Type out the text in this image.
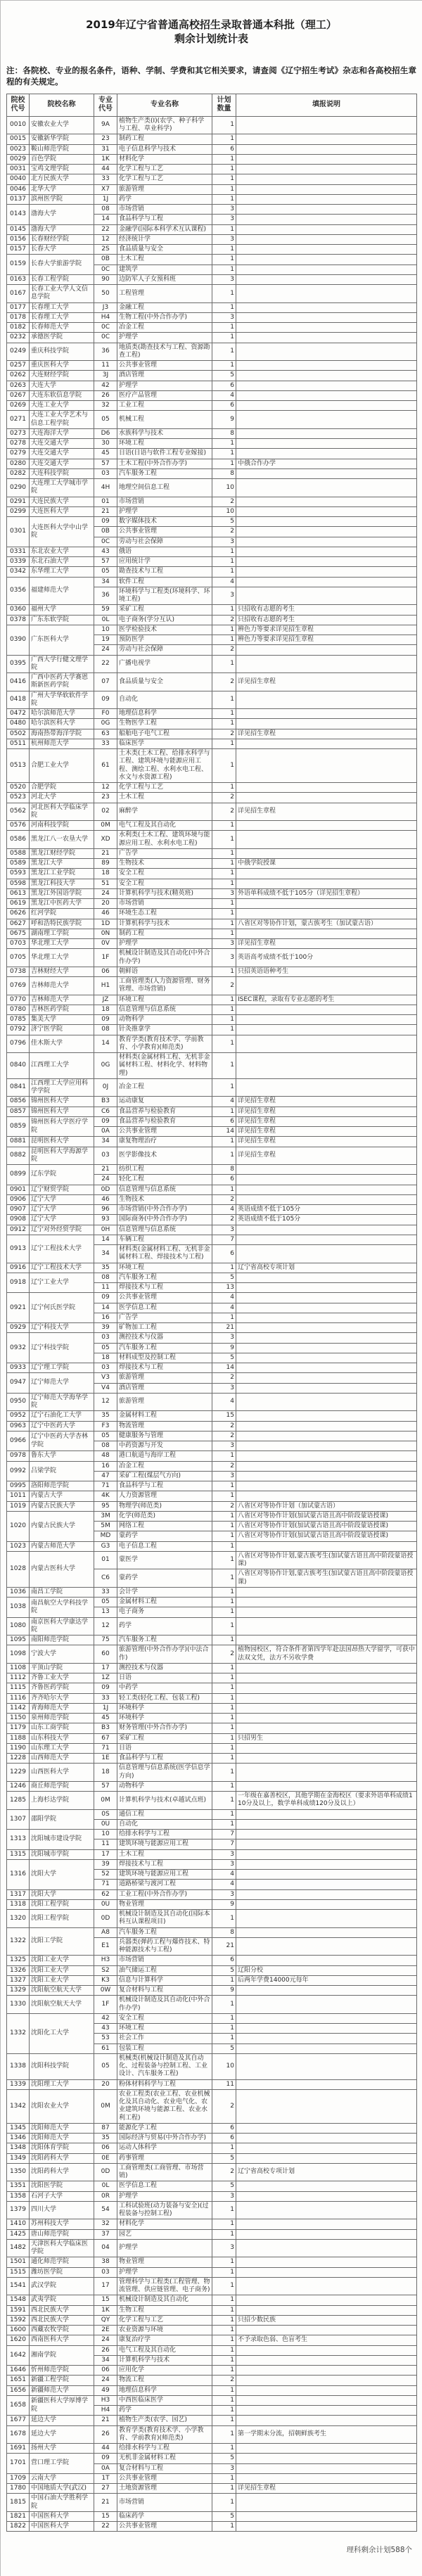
2019年辽宁省普通高校招生录取普通本科批（理工）
剩余计划统计表
注：各院校、专业的报名条件，语种、学制、学费和其它相关要求，请查阅《辽宁招生考试》杂志和各高校招生章程的有关规定。
院校 代号	院校名称	专业 代号	专业名称	计划 数量	填报说明
0010	安徽农业大学	9A	植物生产类(I)(农学、种子科学与工程、草业科学)	1	
0015	安徽新华学院	23	制药工程	1	
0023	鞍山师范学院	31	电子信息科学与技术	6	
0029	百色学院	1K	材料化学	1	
0031	宝鸡文理学院	44	化学工程与工艺	1	
0040	北方民族大学	33	化学工程与工艺	1	
0046	北华大学	X7	旅游管理	1	
0137	滨州医学院	1J	药学	1	
0143	渤海大学	08	市场营销	3	
		14	食品科学与工程	3	
0145	渤海大学	22	金融学(国际本科学术互认课程)	1	
0156	长春财经学院	12	经济统计学	3	
0157	长春大学	2S	食品质量与安全	1	
0159	长春大学旅游学院	0B	土木工程	1	
		0C	建筑学	1	
0163	长春工程学院	90	边防军人子女预科班	3	
0167	长春工业大学人文信息学院	50	工程管理	1	
0177	长春理工大学	J3	金融工程	1	
0178	长春理工大学	H4	生物工程(中外合作办学)	3	
0182	长春师范大学	0C	冶金工程	1	
0232	承德医学院	0C	护理学	1	
0249	重庆科技学院	36	地质类(勘查技术与工程、资源勘查工程)	1	
0257	重庆医科大学	11	公共事业管理	1	
0262	大连财经学院	3J	酒店管理	5	
0263	大连大学	42	护理学	6	
0267	大连东软信息学院	26	医疗产品管理	4	
0269	大连工业大学	32	工业工程	6	
0271	大连工业大学艺术与信息工程学院	05	机械工程	9	
0273	大连海洋大学	D6	水族科学与技术	8	
0278	大连交通大学	30	环境工程	1	
0279	大连交通大学	45	日语(日语与软件工程专业嫁接)	1	
0280	大连交通大学	57	土木工程(中外合作办学)	1	中俄合作办学
0282	大连科技学院	03	汽车服务工程	8	
0290	大连理工大学城市学院	4H	地理空间信息工程	10	
0291	大连民族大学	01	市场营销	2	
0299	大连医科大学	21	护理学	10	
0301	大连医科大学中山学院	09	数字媒体技术	5	
		0B	公共事业管理	2	
		0C	劳动与社会保障	3	
0331	东北农业大学	43	俄语	1	
0339	东北石油大学	57	应用统计学	1	
0342	东华理工大学	05	勘查技术与工程	1	
0356	福建师范大学	34	软件工程	4	
		36	环境科学与工程类(环境科学、环境工程)	3	
0360	福州大学	59	采矿工程	1	只招收有志愿的考生
0378	广东东软学院	0L	电子商务(学分互认)	2	只招收有志愿的考生
0390	广东医科大学	10	医学检验技术	1	辨色力等要求详见招生章程
		19	预防医学	1	辨色力等要求详见招生章程
		24	劳动与社会保障	2	
0395	广西大学行健文理学院	22	广播电视学	1	
0416	广西中医药大学赛恩斯新医药学院	07	食品质量与安全	2	详见招生章程
0418	广州大学华软软件学院	09	自动化	1	
0472	哈尔滨师范大学	F0	地理信息科学	1	
0480	哈尔滨医科大学	0G	生物医学工程	1	
0502	海南热带海洋学院	63	船舶电子电气工程	2	详见招生章程
0511	杭州师范大学	33	临床医学	1	
0513	合肥工业大学	61	土木类(土木工程、给排水科学与工程、建筑环境与能源应用工程、测绘工程、水利水电工程、水文与水资源工程)	1	
0520	合肥学院	12	化学工程与工艺	1	
0523	河北大学	23	土木工程	2	
0562	河北医科大学临床学院	02	麻醉学	2	详见招生章程
0576	河南科技学院	0M	电气工程及其自动化	1	
0586	黑龙江八一农垦大学	XD	水利类(土木工程、建筑环境与能源应用工程、水利水电工程)	1	
0588	黑龙江财经学院	21	广告学	1	
0589	黑龙江大学	89	生物技术	1	中俄学院授课
0593	黑龙江工业学院	18	安全工程	1	
0598	黑龙江科技大学	51	安全工程	1	
0613	黑龙江外国语学院	24	计算机科学与技术(精英班)	3	外语单科成绩不低于105分（详见招生章程）
0619	黑龙江中医药大学	20	市场营销	1	
0626	红河学院	46	环境生态工程	1	
0627	呼和浩特民族学院	1D	计算机科学与技术	1	八省区对等协作计划，蒙古族考生（加试蒙古语）
0675	湖南理工学院	0N	制药工程	1	
0703	华北理工大学	0V	护理学	3	详见招生章程
0705	华北理工大学	1F	机械设计制造及其自动化(中外合作办学)	3	英语高考成绩不低于100分
0738	吉林财经大学	06	朝鲜语	1	只招英语语种考生
0769	吉林师范大学	H1	工商管理类(人力资源管理、财务管理、市场营销)	2	
0770	吉林师范大学	JZ	环境工程	1	ISEC课程，录取有专业志愿的考生
0780	吉林医药学院	18	信息管理与信息系统	1	
0785	集美大学	09	动物科学	1	
0792	济宁医学院	08	针灸推拿学	1	
0796	佳木斯大学	14	教育学类(教育技术学、学前教育、小学教育)(师范类)	1	
0840	江西理工大学	0G	材料类(金属材料工程、无机非金属材料工程、材料化学、材料物理)	1	
0841	江西理工大学应用科学学院	0J	冶金工程	1	
0856	锦州医科大学	B3	运动康复	4	详见招生章程
0857	锦州医科大学	C6	食品营养与检验教育	1	详见招生章程
0859	锦州医科大学医疗学院	09	食品营养与检验教育	6	详见招生章程
		0A	公共事业管理	14	详见招生章程
0881	昆明医科大学	34	康复物理治疗	1	详见招生章程
0882	昆明医科大学海源学院	03	医学影像技术	1	详见招生章程
0899	辽东学院	21	纺织工程	8	
		24	轻化工程	6	
0901	辽宁财贸学院	0D	信息管理与信息系统	1	
0906	辽宁大学	46	生物技术	2	
0907	辽宁大学	96	市场营销(中外合作办学)	4	英语成绩不低于105分
0908	辽宁大学	93	国际商务(中外合作办学)	2	英语成绩不低于105分
0912	辽宁对外经贸学院	0H	信息管理与信息系统	3	
0913	辽宁工程技术大学	14	车辆工程	7	
		34	材料类(金属材料工程、无机非金属材料工程、焊接技术与工程)	6	
0916	辽宁工程技术大学	35	环境工程	1	辽宁省高校专项计划
0918	辽宁工业大学	08	汽车服务工程	5	
		11	焊接技术与工程	13	
0921	辽宁何氏医学院	09	公共事业管理	4	
		14	医学信息工程	4	
		16	广告学	1	
0929	辽宁科技大学	39	矿物加工工程	21	
0932	辽宁科技学院	03	测控技术与仪器	3	
		05	汽车服务工程	9	
		18	材料成型及控制工程	5	
0933	辽宁理工学院	03	焊接技术与工程	14	
0947	辽宁师范大学	V3	旅游管理	2	
		V4	酒店管理	3	
0950	辽宁师范大学海华学院	12	旅游管理	4	
0952	辽宁石油化工大学	35	金属材料工程	15	
0963	辽宁中医药大学	F3	物流管理	2	
0966	辽宁中医药大学杏林学院	05	健康服务与管理	2	
		08	中药资源与开发	3	
0978	鲁东大学	48	港口航道与海岸工程	1	
0992	吕梁学院	16	冶金工程	2	
		47	采矿工程(煤层气方向)	3	
0995	洛阳师范学院	71	食品科学与工程	1	
1011	内蒙古大学	4K	人力资源管理	1	
1019	内蒙古民族大学	95	物理学(师范类)	2	八省区对等协作计划（加试蒙古语）
1020	内蒙古民族大学	3M	化学(师范类)	1	八省区对等协作计划(加试蒙古语且高中阶段蒙语授课)
		5M	网络工程	1	八省区对等协作计划(加试蒙古语且高中阶段蒙语授课)
		MD	蒙药学	1	八省区对等协作计划(加试蒙古语且高中阶段蒙语授课)
1023	内蒙古师范大学	G3	电子信息工程	1	
1028	内蒙古医科大学	01	蒙医学	1	八省区对等协作计划,蒙古族考生(加试蒙古语且高中阶段蒙语授课)
		C6	蒙药学	1	八省区对等协作计划,蒙古族考生(加试蒙古语且高中阶段蒙语授课)
1036	南昌工学院	33	会计学	1	
1038	南昌航空大学科技学院	05	金属材料工程	1	
		13	电子商务	1	
1080	南京医科大学康达学院	12	药学	1	
1095	南阳师范学院	75	汽车服务工程	1	
1098	宁波大学	60	旅游管理(中外合作办学)(中法合作)	2	植物园校区，符合条件者第四学年赴法国昂热大学留学，可获中法双文凭，法方不另收学费
1108	平顶山学院	17	测控技术与仪器	1	
1112	齐鲁工业大学	1Z	日语	1	
1115	齐鲁医药学院	09	中药学	1	
1116	齐齐哈尔大学	33	轻工类(轻化工程、包装工程)	1	
1142	青海师范大学	1J	环境科学	1	
1150	泉州师范学院	45	环境科学	1	
1179	山东工商学院	B3	财务管理(中外合作办学)	1	
1188	山东科技大学	67	采矿工程	1	只招男生
1190	山东理工大学	71	日语	1	
1228	山西师范大学	1E	食品科学与工程	1	
1229	山西医科大学	18	信息管理与信息系统(医学信息学方向)	1	
1246	商丘师范学院	57	动物科学	1	
1285	上海杉达学院	0M	计算机科学与技术(卓越试点班)	1	一年级在嘉善校区，其他学期在金海校区（要求外语单科成绩110分及以上，数学单科成绩120分及以上）
1307	邵阳学院	0S	通信工程	1	
		0U	自动化	1	
1313	沈阳城市建设学院	10	给排水科学与工程	7	
		11	建筑环境与能源应用工程	7	
1315	沈阳城市学院	17	土木工程	3	
1316	沈阳大学	39	焊接技术与工程	3	
		52	建筑环境与能源应用工程	4	
		71	道路桥梁与渡河工程	4	
1317	沈阳大学	62	工业工程(中外合作办学)	3	
1318	沈阳工程学院	0U	物业管理	9	
1320	沈阳工程学院	0D	机械设计制造及其自动化(国际本科互认课程项目)	1	
1322	沈阳工学院	A8	汽车服务工程	8	
		E1	兵器类(弹药工程与爆炸技术、特种能源技术与工程)	21	
1325	沈阳工业大学	H3	市场营销	6	
1326	沈阳工业大学	S2	油气储运工程	5	辽阳分校
1327	沈阳工业大学	K3	信息与计算科学	1	后两年学费14000元每年
1329	沈阳航空航天大学	0W	复合材料与工程	9	
1330	沈阳航空航天大学	1F	机械设计制造及其自动化(中外合作办学)	1	
1332	沈阳化工大学	42	安全工程	1	
		43	环境工程	1	
		53	社会工作	1	
		61	包装工程	5	
1338	沈阳科技学院	05	机械类(机械设计制造及其自动化、过程装备与控制工程、工业设计、汽车服务工程)	10	
1339	沈阳理工大学	20	粉体材料科学与工程	11	
1342	沈阳农业大学	0M	农业工程类(农业工程、农业机械化及其自动化、农业电气化、农业建筑环境与能源工程、农业水利工程)	2	
1345	沈阳师范大学	87	能源化学工程	6	
1346	沈阳师范大学	35	国际经济与贸易(中外合作办学)	6	
1348	沈阳体育学院	06	运动人体科学	1	
1349	沈阳药科大学	0E	药事管理	5	
1350	沈阳药科大学	0D	工商管理类(工商管理、市场营销)	2	辽宁省高校专项计划
1351	沈阳医学院	0L	医学信息工程	5	
1358	石河子大学	0R	护理学	3	
1379	四川大学	54	工科试验班(动力装备与安全)(过程装备与控制工程)	1	
1410	苏州科技大学	32	材料化学	1	
1425	唐山师范学院	37	园艺	1	
1482	天津医科大学临床医学院	04	护理学	3	
1501	通化师范学院	38	物业管理	1	
1515	潍坊医学院	03	护理学	1	
1541	武汉学院	17	管理科学与工程类(工程管理、物流管理、供应链管理、电子商务)	1	
1548	武夷学院	15	机械设计制造及其自动化	1	
1591	西北民族大学	1K	生物工程	1	
1592	西北民族大学	QY	化学工程与工艺	1	只招少数民族
1600	西藏农牧学院	2E	农业资源与环境	1	
1620	西南医科大学	24	康复治疗学	1	不予录取色弱、色盲考生
1642	湘南学院	26	电气工程及其自动化	1	
		34	计算机科学与技术	1	
1646	忻州师范学院	06	应用化学	1	
1651	新疆工程学院	24	物流工程	2	
1656	新疆师范大学	49	地理信息科学	1	
1658	新疆医科大学厚博学院	H3	中西医临床医学	1	
		H4	药学	1	
1677	延边大学	21	植物生产类(农学、园艺)	1	
1678	延边大学	26	教育学类(教育技术学、小学教育、学前教育)(师范类)	1	第一学期末分流，招朝鲜族考生
1691	扬州大学	44	给排水科学与工程	1	
1701	营口理工学院	09	无机非金属材料工程	5	
		0A	复合材料与工程	3	
1709	云南大学	1T	公共事业管理	1	
1780	中国地质大学(武汉)	27	土地资源管理	1	详见招生章程
1815	中国石油大学胜利学院	21	市场营销	1	
1821	中国医科大学	15	临床药学	5	
1822	中国医科大学	22	公共事业管理	1	
理科剩余计划588个
